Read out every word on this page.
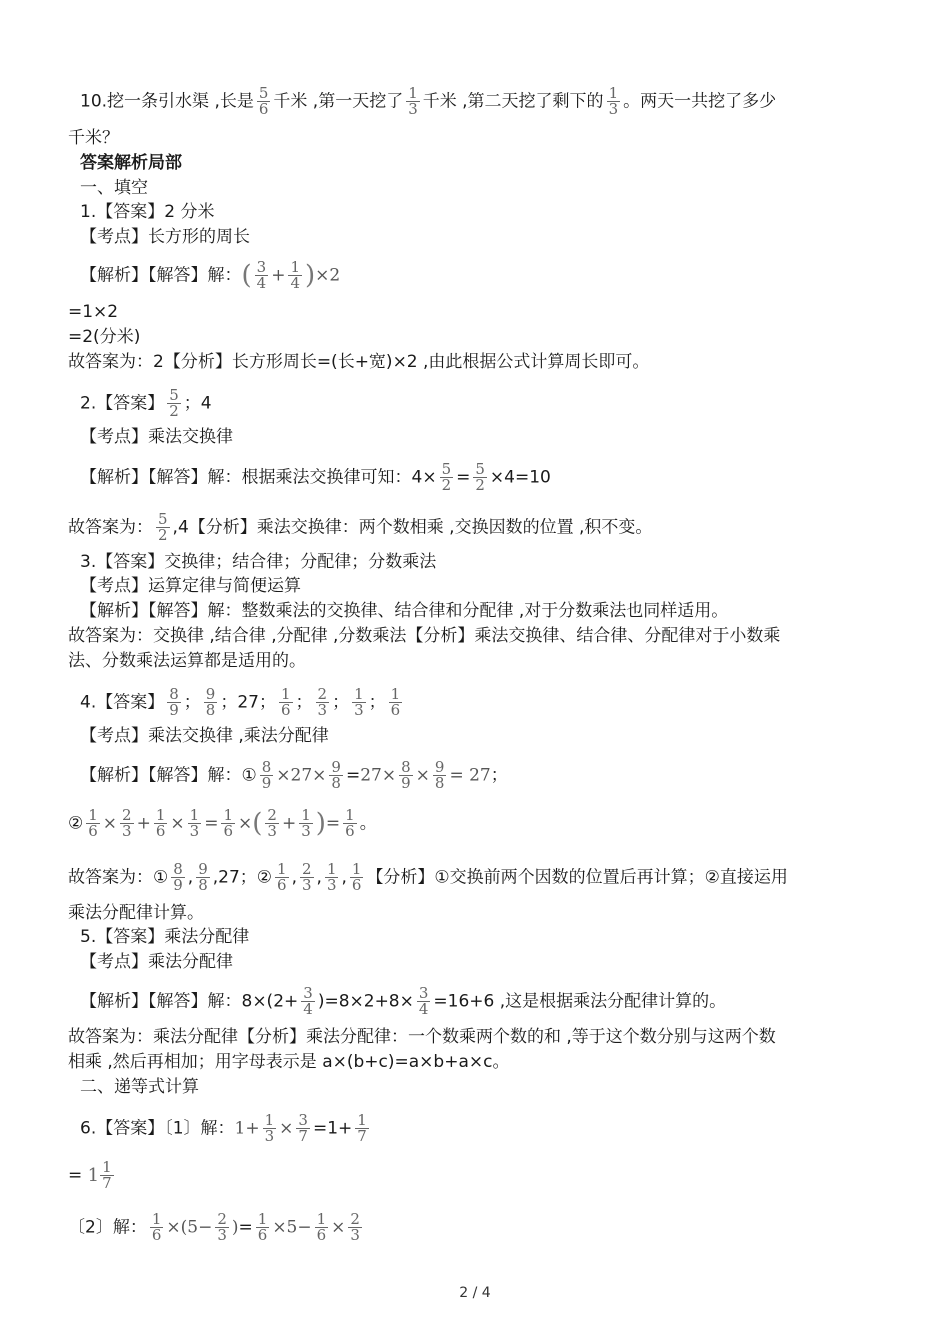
10.挖一条引水渠 ,长是 $\frac{5}{6}$ 千米 ,第一天挖了 $\frac{1}{3}$ 千米 ,第二天挖了剩下的 $\frac{1}{3}$ 。两天一共挖了多少
千米？
答案解析局部
一、填空
1.【答案】2 分米
【考点】长方形的周长
【解析】【解答】解：( $\frac{3}{4} + \frac{1}{4} )\times 2$
=1×2
=2(分米)
故答案为：2【分析】长方形周长=(长+宽)×2 ,由此根据公式计算周长即可。
2.【答案】 $\frac{5}{2}$ ；4
【考点】乘法交换律
【解析】【解答】解：根据乘法交换律可知：$4\times \frac{5}{2} = \frac{5}{2} \times 4=10$
故答案为： $\frac{5}{2} ,4$【分析】乘法交换律：两个数相乘 ,交换因数的位置 ,积不变。
3.【答案】交换律；结合律；分配律；分数乘法
【考点】运算定律与简便运算
【解析】【解答】解：整数乘法的交换律、结合律和分配律 ,对于分数乘法也同样适用。
故答案为：交换律 ,结合律 ,分配律 ,分数乘法【分析】乘法交换律、结合律、分配律对于小数乘
法、分数乘法运算都是适用的。
4.【答案】 $\frac{8}{9}$ ； $\frac{9}{8}$ ；27； $\frac{1}{6}$ ； $\frac{2}{3}$ ； $\frac{1}{3}$ ； $\frac{1}{6}$
【考点】乘法交换律 ,乘法分配律
【解析】【解答】解：① $\frac{8}{9} \times 27\times \frac{9}{8} =27\times \frac{8}{9} \times \frac{9}{8} = 27$；
② $\frac{1}{6} \times \frac{2}{3} + \frac{1}{6} \times \frac{1}{3} = \frac{1}{6}$ ×( $\frac{2}{3} + \frac{1}{3}$ )= $\frac{1}{6}$ 。
故答案为：① $\frac{8}{9}$ , $\frac{9}{8} ,27$；② $\frac{1}{6}$ , $\frac{2}{3}$ , $\frac{1}{3}$ , $\frac{1}{6}$ 【分析】①交换前两个因数的位置后再计算；②直接运用
乘法分配律计算。
5.【答案】乘法分配律
【考点】乘法分配律
【解析】【解答】解：$8\times(2+ \frac{3}{4} )=8\times 2+8\times \frac{3}{4} =16+6$ ,这是根据乘法分配律计算的。
故答案为：乘法分配律【分析】乘法分配律：一个数乘两个数的和 ,等于这个数分别与这两个数
相乘 ,然后再相加；用字母表示是 a×(b+c)=a×b+a×c。
二、递等式计算
6.【答案】〔1〕解：$1+ \frac{1}{3} \times \frac{3}{7} =1+ \frac{1}{7}$
= $1 \frac{1}{7}$
〔2〕解： $\frac{1}{6} \times(5- \frac{2}{3}$ )= $\frac{1}{6} \times 5- \frac{1}{6} \times \frac{2}{3}$
2 / 4
